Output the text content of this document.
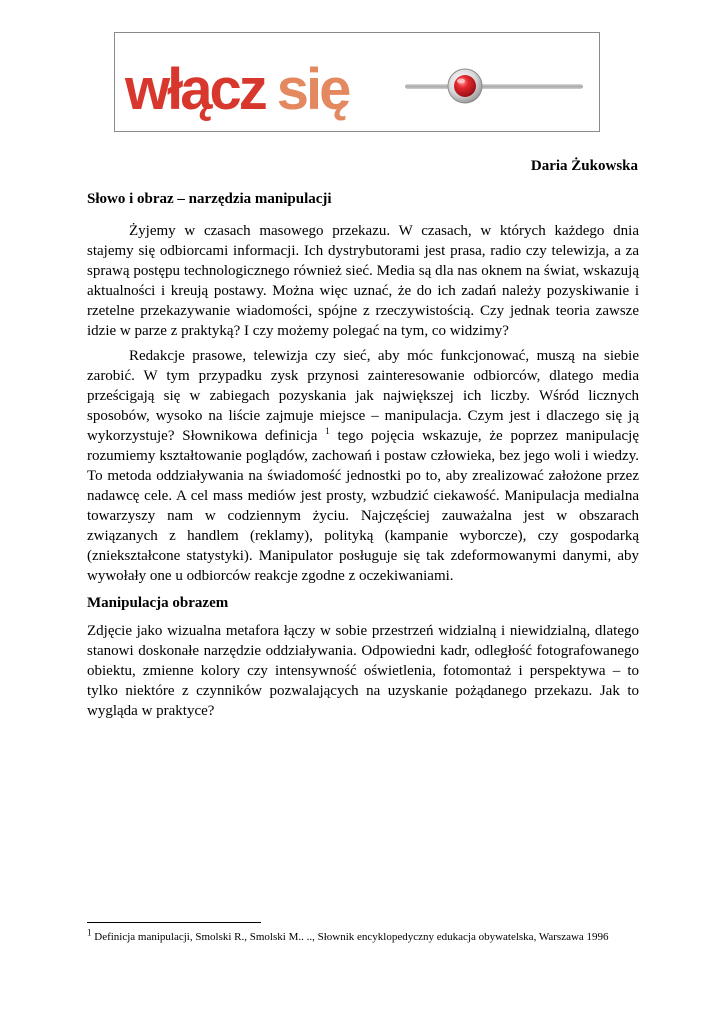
włącz się
Daria Żukowska
Słowo i obraz – narzędzia manipulacji
Żyjemy w czasach masowego przekazu. W czasach, w których każdego dnia stajemy się odbiorcami informacji. Ich dystrybutorami jest prasa, radio czy telewizja, a za sprawą postępu technologicznego również sieć. Media są dla nas oknem na świat, wskazują aktualności i kreują postawy. Można więc uznać, że do ich zadań należy pozyskiwanie i rzetelne przekazywanie wiadomości, spójne z rzeczywistością. Czy jednak teoria zawsze idzie w parze z praktyką? I czy możemy polegać na tym, co widzimy?
Redakcje prasowe, telewizja czy sieć, aby móc funkcjonować, muszą na siebie zarobić. W tym przypadku zysk przynosi zainteresowanie odbiorców, dlatego media prześcigają się w zabiegach pozyskania jak największej ich liczby. Wśród licznych sposobów, wysoko na liście zajmuje miejsce – manipulacja. Czym jest i dlaczego się ją wykorzystuje? Słownikowa definicja $^1$ tego pojęcia wskazuje, że poprzez manipulację rozumiemy kształtowanie poglądów, zachowań i postaw człowieka, bez jego woli i wiedzy. To metoda oddziaływania na świadomość jednostki po to, aby zrealizować założone przez nadawcę cele. A cel mass mediów jest prosty, wzbudzić ciekawość. Manipulacja medialna towarzyszy nam w codziennym życiu. Najczęściej zauważalna jest w obszarach związanych z handlem (reklamy), polityką (kampanie wyborcze), czy gospodarką (zniekształcone statystyki). Manipulator posługuje się tak zdeformowanymi danymi, aby wywołały one u odbiorców reakcje zgodne z oczekiwaniami.
Manipulacja obrazem
Zdjęcie jako wizualna metafora łączy w sobie przestrzeń widzialną i niewidzialną, dlatego stanowi doskonałe narzędzie oddziaływania. Odpowiedni kadr, odległość fotografowanego obiektu, zmienne kolory czy intensywność oświetlenia, fotomontaż i perspektywa – to tylko niektóre z czynników pozwalających na uzyskanie pożądanego przekazu. Jak to wygląda w praktyce?
$^1$ Definicja manipulacji, Smolski R., Smolski M.. .., Słownik encyklopedyczny edukacja obywatelska, Warszawa 1996
